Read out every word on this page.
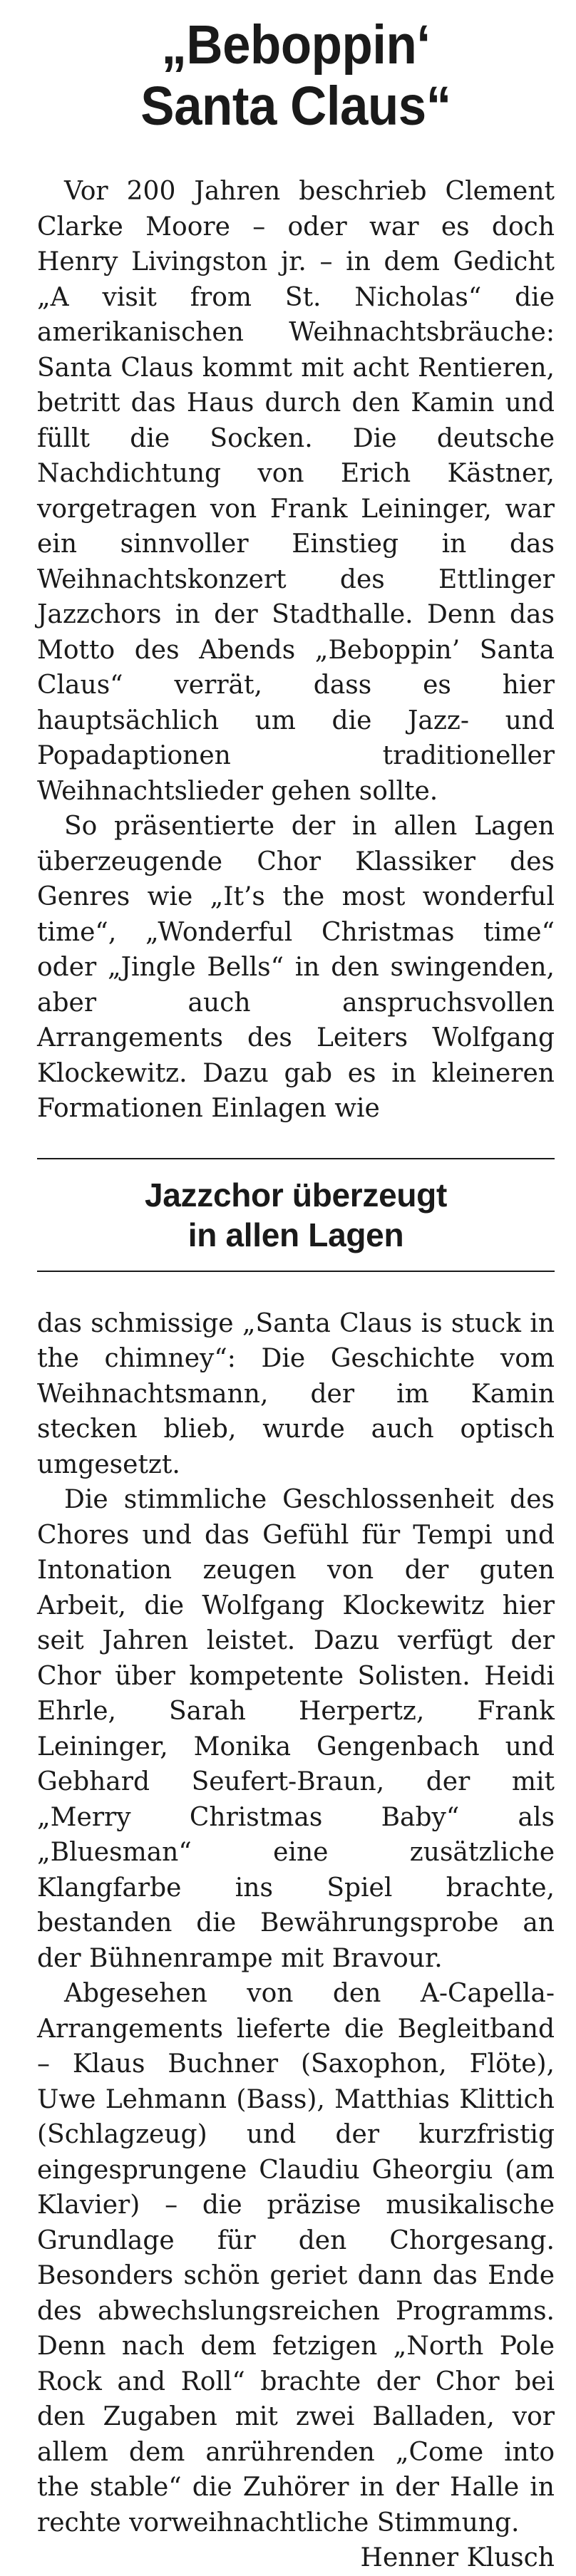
„Beboppin‘
Santa Claus“

Vor 200 Jahren beschrieb Clement Clarke Moore – oder war es doch Henry Livingston jr. – in dem Gedicht „A visit from St. Nicholas“ die amerikanischen Weihnachtsbräuche: Santa Claus kommt mit acht Rentieren, betritt das Haus durch den Kamin und füllt die Socken. Die deutsche Nachdichtung von Erich Kästner, vorgetragen von Frank Leininger, war ein sinnvoller Einstieg in das Weihnachtskonzert des Ettlinger Jazzchors in der Stadthalle. Denn das Motto des Abends „Beboppin’ Santa Claus“ verrät, dass es hier hauptsächlich um die Jazz- und Popadaptionen traditioneller Weihnachtslieder gehen sollte.

So präsentierte der in allen Lagen überzeugende Chor Klassiker des Genres wie „It’s the most wonderful time“, „Wonderful Christmas time“ oder „Jingle Bells“ in den swingenden, aber auch anspruchsvollen Arrangements des Leiters Wolfgang Klockewitz. Dazu gab es in kleineren Formationen Einlagen wie

Jazzchor überzeugt
in allen Lagen

das schmissige „Santa Claus is stuck in the chimney“: Die Geschichte vom Weihnachtsmann, der im Kamin stecken blieb, wurde auch optisch umgesetzt.

Die stimmliche Geschlossenheit des Chores und das Gefühl für Tempi und Intonation zeugen von der guten Arbeit, die Wolfgang Klockewitz hier seit Jahren leistet. Dazu verfügt der Chor über kompetente Solisten. Heidi Ehrle, Sarah Herpertz, Frank Leininger, Monika Gengenbach und Gebhard Seufert-Braun, der mit „Merry Christmas Baby“ als „Bluesman“ eine zusätzliche Klangfarbe ins Spiel brachte, bestanden die Bewährungsprobe an der Bühnenrampe mit Bravour.

Abgesehen von den A-Capella-Arrangements lieferte die Begleitband – Klaus Buchner (Saxophon, Flöte), Uwe Lehmann (Bass), Matthias Klittich (Schlagzeug) und der kurzfristig eingesprungene Claudiu Gheorgiu (am Klavier) – die präzise musikalische Grundlage für den Chorgesang. Besonders schön geriet dann das Ende des abwechslungsreichen Programms. Denn nach dem fetzigen „North Pole Rock and Roll“ brachte der Chor bei den Zugaben mit zwei Balladen, vor allem dem anrührenden „Come into the stable“ die Zuhörer in der Halle in rechte vorweihnachtliche Stimmung.

Henner Klusch
